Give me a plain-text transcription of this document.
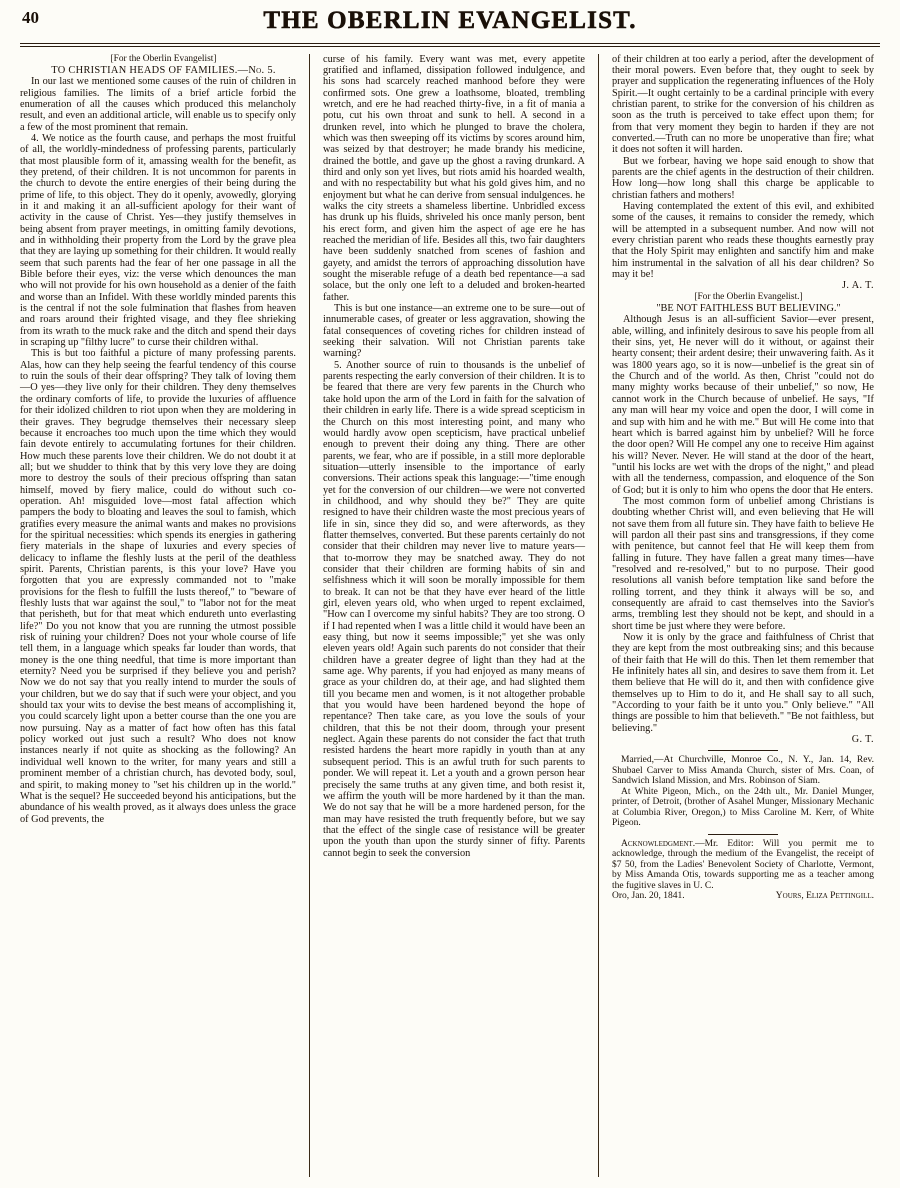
40	THE OBERLIN EVANGELIST.

[For the Oberlin Evangelist]

TO CHRISTIAN HEADS OF FAMILIES.—No. 5.

In our last we mentioned some causes of the ruin of children in religious families. The limits of a brief article forbid the enumeration of all the causes which produced this melancholy result, and even an additional article, will enable us to specify only a few of the most prominent that remain.

4. We notice as the fourth cause, and perhaps the most fruitful of all, the worldly-mindedness of professing parents, particularly that most plausible form of it, amassing wealth for the benefit, as they pretend, of their children. It is not uncommon for parents in the church to devote the entire energies of their being during the prime of life, to this object. They do it openly, avowedly, glorying in it and making it an all-sufficient apology for their want of activity in the cause of Christ. Yes—they justify themselves in being absent from prayer meetings, in omitting family devotions, and in withholding their property from the Lord by the grave plea that they are laying up something for their children. It would really seem that such parents had the fear of her one passage in all the Bible before their eyes, viz: the verse which denounces the man who will not provide for his own household as a denier of the faith and worse than an Infidel. With these worldly minded parents this is the central if not the sole fulmination that flashes from heaven and roars around their frighted visage, and they flee shrieking from its wrath to the muck rake and the ditch and spend their days in scraping up "filthy lucre" to curse their children withal.

This is but too faithful a picture of many professing parents. Alas, how can they help seeing the fearful tendency of this course to ruin the souls of their dear offspring? They talk of loving them—O yes—they live only for their children. They deny themselves the ordinary comforts of life, to provide the luxuries of affluence for their idolized children to riot upon when they are moldering in their graves. They begrudge themselves their necessary sleep because it encroaches too much upon the time which they would fain devote entirely to accumulating fortunes for their children. How much these parents love their children. We do not doubt it at all; but we shudder to think that by this very love they are doing more to destroy the souls of their precious offspring than satan himself, moved by fiery malice, could do without such co-operation. Ah! misguided love—most fatal affection which pampers the body to bloating and leaves the soul to famish, which gratifies every measure the animal wants and makes no provisions for the spiritual necessities: which spends its energies in gathering fiery materials in the shape of luxuries and every species of delicacy to inflame the fleshly lusts at the peril of the deathless spirit. Parents, Christian parents, is this your love? Have you forgotten that you are expressly commanded not to "make provisions for the flesh to fulfill the lusts thereof," to "beware of fleshly lusts that war against the soul," to "labor not for the meat that perisheth, but for that meat which endureth unto everlasting life?" Do you not know that you are running the utmost possible risk of ruining your children? Does not your whole course of life tell them, in a language which speaks far louder than words, that money is the one thing needful, that time is more important than eternity? Need you be surprised if they believe you and perish? Now we do not say that you really intend to murder the souls of your children, but we do say that if such were your object, and you should tax your wits to devise the best means of accomplishing it, you could scarcely light upon a better course than the one you are now pursuing. Nay as a matter of fact how often has this fatal policy worked out just such a result? Who does not know instances nearly if not quite as shocking as the following? An individual well known to the writer, for many years and still a prominent member of a christian church, has devoted body, soul, and spirit, to making money to "set his children up in the world." What is the sequel? He succeeded beyond his anticipations, but the abundance of his wealth proved, as it always does unless the grace of God prevents, the

curse of his family. Every want was met, every appetite gratified and inflamed, dissipation followed indulgence, and his sons had scarcely reached manhood before they were confirmed sots. One grew a loathsome, bloated, trembling wretch, and ere he had reached thirty-five, in a fit of mania a potu, cut his own throat and sunk to hell. A second in a drunken revel, into which he plunged to brave the cholera, which was then sweeping off its victims by scores around him, was seized by that destroyer; he made brandy his medicine, drained the bottle, and gave up the ghost a raving drunkard. A third and only son yet lives, but riots amid his hoarded wealth, and with no respectability but what his gold gives him, and no enjoyment but what he can derive from sensual indulgences. he walks the city streets a shameless libertine. Unbridled excess has drunk up his fluids, shriveled his once manly person, bent his erect form, and given him the aspect of age ere he has reached the meridian of life. Besides all this, two fair daughters have been suddenly snatched from scenes of fashion and gayety, and amidst the terrors of approaching dissolution have sought the miserable refuge of a death bed repentance—a sad solace, but the only one left to a deluded and broken-hearted father.

This is but one instance—an extreme one to be sure—out of innumerable cases, of greater or less aggravation, showing the fatal consequences of coveting riches for children instead of seeking their salvation. Will not Christian parents take warning?

5. Another source of ruin to thousands is the unbelief of parents respecting the early conversion of their children. It is to be feared that there are very few parents in the Church who take hold upon the arm of the Lord in faith for the salvation of their children in early life. There is a wide spread scepticism in the Church on this most interesting point, and many who would hardly avow open scepticism, have practical unbelief enough to prevent their doing any thing. There are other parents, we fear, who are if possible, in a still more deplorable situation—utterly insensible to the importance of early conversions. Their actions speak this language:—"time enough yet for the conversion of our children—we were not converted in childhood, and why should they be?" They are quite resigned to have their children waste the most precious years of life in sin, since they did so, and were afterwords, as they flatter themselves, converted. But these parents certainly do not consider that their children may never live to mature years—that to-morrow they may be snatched away. They do not consider that their children are forming habits of sin and selfishness which it will soon be morally impossible for them to break. It can not be that they have ever heard of the little girl, eleven years old, who when urged to repent exclaimed, "How can I overcome my sinful habits? They are too strong. O if I had repented when I was a little child it would have been an easy thing, but now it seems impossible;" yet she was only eleven years old! Again such parents do not consider that their children have a greater degree of light than they had at the same age. Why parents, if you had enjoyed as many means of grace as your children do, at their age, and had slighted them till you became men and women, is it not altogether probable that you would have been hardened beyond the hope of repentance? Then take care, as you love the souls of your children, that this be not their doom, through your present neglect. Again these parents do not consider the fact that truth resisted hardens the heart more rapidly in youth than at any subsequent period. This is an awful truth for such parents to ponder. We will repeat it. Let a youth and a grown person hear precisely the same truths at any given time, and both resist it, we affirm the youth will be more hardened by it than the man. We do not say that he will be a more hardened person, for the man may have resisted the truth frequently before, but we say that the effect of the single case of resistance will be greater upon the youth than upon the sturdy sinner of fifty. Parents cannot begin to seek the conversion

of their children at too early a period, after the development of their moral powers. Even before that, they ought to seek by prayer and supplication the regenerating influences of the Holy Spirit.—It ought certainly to be a cardinal principle with every christian parent, to strike for the conversion of his children as soon as the truth is perceived to take effect upon them; for from that very moment they begin to harden if they are not converted.—Truth can no more be unoperative than fire; what it does not soften it will harden.

But we forbear, having we hope said enough to show that parents are the chief agents in the destruction of their children. How long—how long shall this charge be applicable to christian fathers and mothers!

Having contemplated the extent of this evil, and exhibited some of the causes, it remains to consider the remedy, which will be attempted in a subsequent number. And now will not every christian parent who reads these thoughts earnestly pray that the Holy Spirit may enlighten and sanctify him and make him instrumental in the salvation of all his dear children? So may it be!

J. A. T.

[For the Oberlin Evangelist.]

"BE NOT FAITHLESS BUT BELIEVING."

Although Jesus is an all-sufficient Savior—ever present, able, willing, and infinitely desirous to save his people from all their sins, yet, He never will do it without, or against their hearty consent; their ardent desire; their unwavering faith. As it was 1800 years ago, so it is now—unbelief is the great sin of the Church and of the world. As then, Christ "could not do many mighty works because of their unbelief," so now, He cannot work in the Church because of unbelief. He says, "If any man will hear my voice and open the door, I will come in and sup with him and he with me." But will He come into that heart which is barred against him by unbelief? Will he force the door open? Will He compel any one to receive Him against his will? Never. Never. He will stand at the door of the heart, "until his locks are wet with the drops of the night," and plead with all the tenderness, compassion, and eloquence of the Son of God; but it is only to him who opens the door that He enters.

The most common form of unbelief among Christians is doubting whether Christ will, and even believing that He will not save them from all future sin. They have faith to believe He will pardon all their past sins and transgressions, if they come with penitence, but cannot feel that He will keep them from falling in future. They have fallen a great many times—have "resolved and re-resolved," but to no purpose. Their good resolutions all vanish before temptation like sand before the rolling torrent, and they think it always will be so, and consequently are afraid to cast themselves into the Savior's arms, trembling lest they should not be kept, and should in a short time be just where they were before.

Now it is only by the grace and faithfulness of Christ that they are kept from the most outbreaking sins; and this because of their faith that He will do this. Then let them remember that He infinitely hates all sin, and desires to save them from it. Let them believe that He will do it, and then with confidence give themselves up to Him to do it, and He shall say to all such, "According to your faith be it unto you." Only believe." "All things are possible to him that believeth." "Be not faithless, but believing."

G. T.

Married,—At Churchville, Monroe Co., N. Y., Jan. 14, Rev. Shubael Carver to Miss Amanda Church, sister of Mrs. Coan, of Sandwich Island Mission, and Mrs. Robinson of Siam.

At White Pigeon, Mich., on the 24th ult., Mr. Daniel Munger, printer, of Detroit, (brother of Asahel Munger, Missionary Mechanic at Columbia River, Oregon,) to Miss Caroline M. Kerr, of White Pigeon.

Acknowledgment.—Mr. Editor: Will you permit me to acknowledge, through the medium of the Evangelist, the receipt of $7 50, from the Ladies' Benevolent Society of Charlotte, Vermont, by Miss Amanda Otis, towards supporting me as a teacher among the fugitive slaves in U. C.

Oro, Jan. 20, 1841.	Yours, Eliza Pettingill.
